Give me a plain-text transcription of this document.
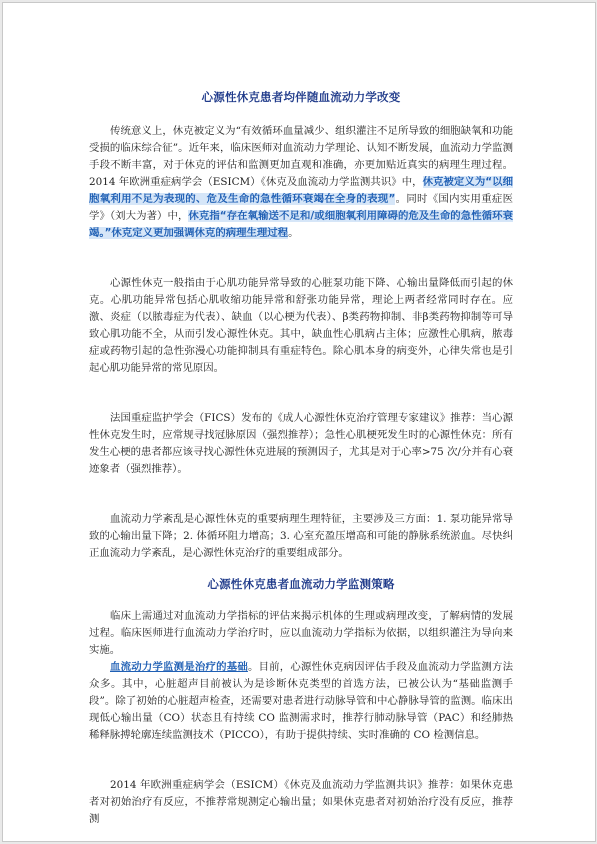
心源性休克患者均伴随血流动力学改变

传统意义上，休克被定义为“有效循环血量减少、组织灌注不足所导致的细胞缺氧和功能受损的临床综合征”。近年来，临床医师对血流动力学理论、认知不断发展，血流动力学监测手段不断丰富，对于休克的评估和监测更加直观和准确，亦更加贴近真实的病理生理过程。2014 年欧洲重症病学会（ESICM）《休克及血流动力学监测共识》中，休克被定义为“以细胞氧利用不足为表现的、危及生命的急性循环衰竭在全身的表现”。同时《国内实用重症医学》（刘大为著）中，休克指“存在氧输送不足和/或细胞氧利用障碍的危及生命的急性循环衰竭。”休克定义更加强调休克的病理生理过程。

心源性休克一般指由于心肌功能异常导致的心脏泵功能下降、心输出量降低而引起的休克。心肌功能异常包括心肌收缩功能异常和舒张功能异常，理论上两者经常同时存在。应激、炎症（以脓毒症为代表）、缺血（以心梗为代表）、β类药物抑制、非β类药物抑制等可导致心肌功能不全，从而引发心源性休克。其中，缺血性心肌病占主体；应激性心肌病，脓毒症或药物引起的急性弥漫心功能抑制具有重症特色。除心肌本身的病变外，心律失常也是引起心肌功能异常的常见原因。

法国重症监护学会（FICS）发布的《成人心源性休克治疗管理专家建议》推荐：当心源性休克发生时，应常规寻找冠脉原因（强烈推荐）；急性心肌梗死发生时的心源性休克：所有发生心梗的患者都应该寻找心源性休克进展的预测因子，尤其是对于心率>75 次/分并有心衰迹象者（强烈推荐）。

血流动力学紊乱是心源性休克的重要病理生理特征，主要涉及三方面：1. 泵功能异常导致的心输出量下降；2. 体循环阻力增高；3. 心室充盈压增高和可能的静脉系统淤血。尽快纠正血流动力学紊乱，是心源性休克治疗的重要组成部分。

心源性休克患者血流动力学监测策略

临床上需通过对血流动力学指标的评估来揭示机体的生理或病理改变，了解病情的发展过程。临床医师进行血流动力学治疗时，应以血流动力学指标为依据，以组织灌注为导向来实施。

血流动力学监测是治疗的基础。目前，心源性休克病因评估手段及血流动力学监测方法众多。其中，心脏超声目前被认为是诊断休克类型的首选方法，已被公认为“基础监测手段”。除了初始的心脏超声检查，还需要对患者进行动脉导管和中心静脉导管的监测。临床出现低心输出量（CO）状态且有持续 CO 监测需求时，推荐行肺动脉导管（PAC）和经肺热稀释脉搏轮廓连续监测技术（PICCO），有助于提供持续、实时准确的 CO 检测信息。

2014 年欧洲重症病学会（ESICM）《休克及血流动力学监测共识》推荐：如果休克患者对初始治疗有反应，不推荐常规测定心输出量；如果休克患者对初始治疗没有反应，推荐测
